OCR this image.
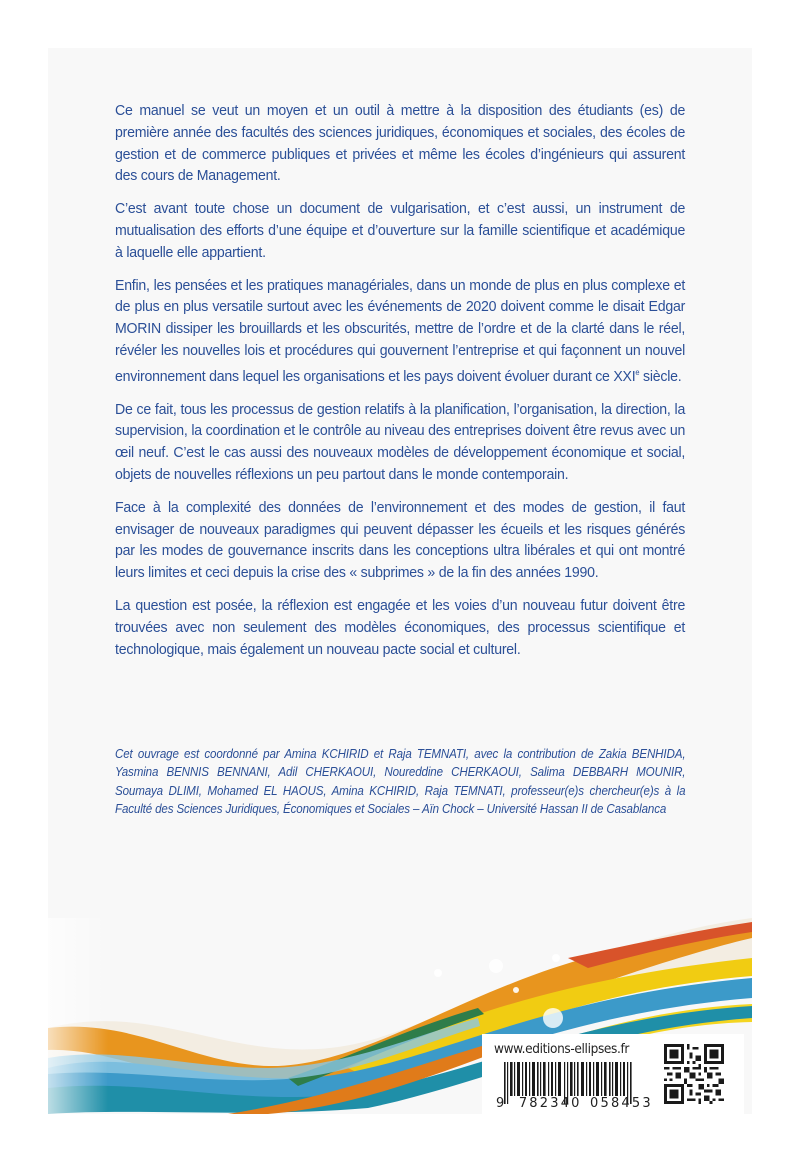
Ce manuel se veut un moyen et un outil à mettre à la disposition des étudiants (es) de première année des facultés des sciences juridiques, économiques et sociales, des écoles de gestion et de commerce publiques et privées et même les écoles d’ingénieurs qui assurent des cours de Management.

C’est avant toute chose un document de vulgarisation, et c’est aussi, un instrument de mutualisation des efforts d’une équipe et d’ouverture sur la famille scientifique et académique à laquelle elle appartient.

Enfin, les pensées et les pratiques managériales, dans un monde de plus en plus complexe et de plus en plus versatile surtout avec les événements de 2020 doivent comme le disait Edgar MORIN dissiper les brouillards et les obscurités, mettre de l’ordre et de la clarté dans le réel, révéler les nouvelles lois et procédures qui gouvernent l’entreprise et qui façonnent un nouvel environnement dans lequel les organisations et les pays doivent évoluer durant ce XXIe siècle.

De ce fait, tous les processus de gestion relatifs à la planification, l’organisation, la direction, la supervision, la coordination et le contrôle au niveau des entreprises doivent être revus avec un œil neuf. C’est le cas aussi des nouveaux modèles de développement économique et social, objets de nouvelles réflexions un peu partout dans le monde contemporain.

Face à la complexité des données de l’environnement et des modes de gestion, il faut envisager de nouveaux paradigmes qui peuvent dépasser les écueils et les risques générés par les modes de gouvernance inscrits dans les conceptions ultra libérales et qui ont montré leurs limites et ceci depuis la crise des « subprimes » de la fin des années 1990.

La question est posée, la réflexion est engagée et les voies d’un nouveau futur doivent être trouvées avec non seulement des modèles économiques, des processus scientifique et technologique, mais également un nouveau pacte social et culturel.

Cet ouvrage est coordonné par Amina KCHIRID et Raja TEMNATI, avec la contribution de Zakia BENHIDA, Yasmina BENNIS BENNANI, Adil CHERKAOUI, Noureddine CHERKAOUI, Salima DEBBARH MOUNIR, Soumaya DLIMI, Mohamed EL HAOUS, Amina KCHIRID, Raja TEMNATI, professeur(e)s chercheur(e)s à la Faculté des Sciences Juridiques, Économiques et Sociales – Aïn Chock – Université Hassan II de Casablanca

www.editions-ellipses.fr
9 782340 058453
